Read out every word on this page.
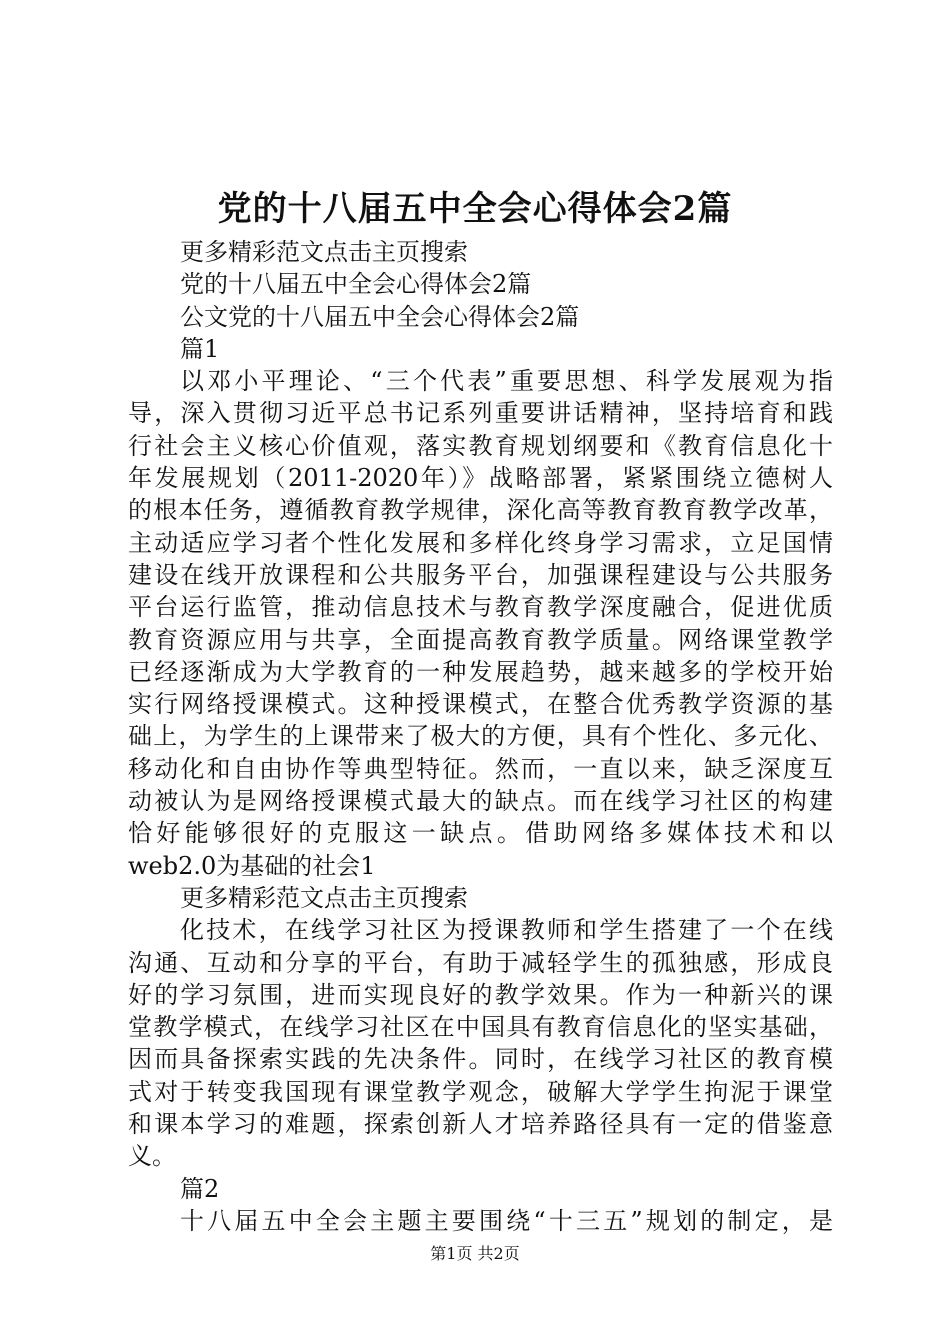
党的十八届五中全会心得体会2篇
更多精彩范文点击主页搜索
党的十八届五中全会心得体会2篇
公文党的十八届五中全会心得体会2篇
篇1
以邓小平理论、“三个代表”重要思想、科学发展观为指
导，深入贯彻习近平总书记系列重要讲话精神，坚持培育和践
行社会主义核心价值观，落实教育规划纲要和《教育信息化十
年发展规划（2011-2020年）》战略部署，紧紧围绕立德树人
的根本任务，遵循教育教学规律，深化高等教育教育教学改革，
主动适应学习者个性化发展和多样化终身学习需求，立足国情
建设在线开放课程和公共服务平台，加强课程建设与公共服务
平台运行监管，推动信息技术与教育教学深度融合，促进优质
教育资源应用与共享，全面提高教育教学质量。网络课堂教学
已经逐渐成为大学教育的一种发展趋势，越来越多的学校开始
实行网络授课模式。这种授课模式，在整合优秀教学资源的基
础上，为学生的上课带来了极大的方便，具有个性化、多元化、
移动化和自由协作等典型特征。然而，一直以来，缺乏深度互
动被认为是网络授课模式最大的缺点。而在线学习社区的构建
恰好能够很好的克服这一缺点。借助网络多媒体技术和以
web2.0为基础的社会1
更多精彩范文点击主页搜索
化技术，在线学习社区为授课教师和学生搭建了一个在线
沟通、互动和分享的平台，有助于减轻学生的孤独感，形成良
好的学习氛围，进而实现良好的教学效果。作为一种新兴的课
堂教学模式，在线学习社区在中国具有教育信息化的坚实基础，
因而具备探索实践的先决条件。同时，在线学习社区的教育模
式对于转变我国现有课堂教学观念，破解大学学生拘泥于课堂
和课本学习的难题，探索创新人才培养路径具有一定的借鉴意
义。
篇2
十八届五中全会主题主要围绕“十三五”规划的制定，是
第1页 共2页
